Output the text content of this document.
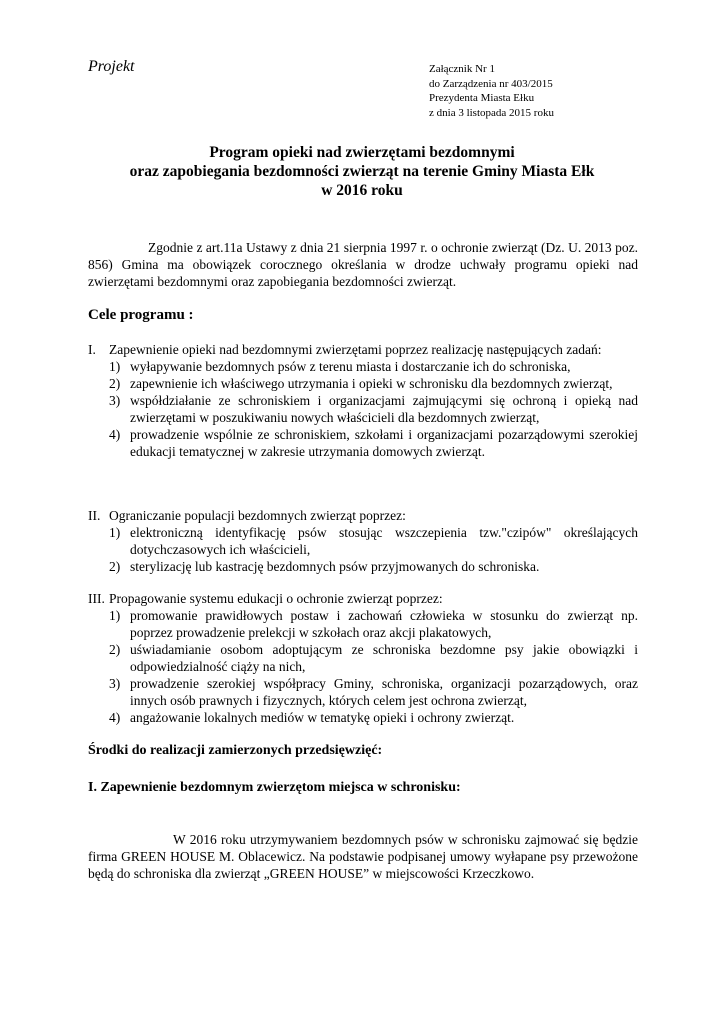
Projekt	Załącznik Nr 1
do Zarządzenia nr 403/2015
Prezydenta Miasta Ełku
z dnia 3 listopada 2015 roku
Program opieki nad zwierzętami bezdomnymi
oraz zapobiegania bezdomności zwierząt na terenie Gminy Miasta Ełk
w 2016 roku
Zgodnie z art.11a Ustawy z dnia 21 sierpnia 1997 r. o ochronie zwierząt (Dz. U. 2013 poz. 856) Gmina ma obowiązek corocznego określania w drodze uchwały programu opieki nad zwierzętami bezdomnymi oraz zapobiegania bezdomności zwierząt.
Cele programu :
I. Zapewnienie opieki nad bezdomnymi zwierzętami poprzez realizację następujących zadań:
1) wyłapywanie bezdomnych psów z terenu miasta i dostarczanie ich do schroniska,
2) zapewnienie ich właściwego utrzymania i opieki w schronisku dla bezdomnych zwierząt,
3) współdziałanie ze schroniskiem i organizacjami zajmującymi się ochroną i opieką nad zwierzętami w poszukiwaniu nowych właścicieli dla bezdomnych zwierząt,
4) prowadzenie wspólnie ze schroniskiem, szkołami i organizacjami pozarządowymi szerokiej edukacji tematycznej w zakresie utrzymania domowych zwierząt.
II. Ograniczanie populacji bezdomnych zwierząt poprzez:
1) elektroniczną identyfikację psów stosując wszczepienia tzw."czipów" określających dotychczasowych ich właścicieli,
2) sterylizację lub kastrację bezdomnych psów przyjmowanych do schroniska.
III. Propagowanie systemu edukacji o ochronie zwierząt poprzez:
1) promowanie prawidłowych postaw i zachowań człowieka w stosunku do zwierząt np. poprzez prowadzenie prelekcji w szkołach oraz akcji plakatowych,
2) uświadamianie osobom adoptującym ze schroniska bezdomne psy jakie obowiązki i odpowiedzialność ciąży na nich,
3) prowadzenie szerokiej współpracy Gminy, schroniska, organizacji pozarządowych, oraz innych osób prawnych i fizycznych, których celem jest ochrona zwierząt,
4) angażowanie lokalnych mediów w tematykę opieki i ochrony zwierząt.
Środki do realizacji zamierzonych przedsięwzięć:
I. Zapewnienie bezdomnym zwierzętom miejsca w schronisku:
W 2016 roku utrzymywaniem bezdomnych psów w schronisku zajmować się będzie firma GREEN HOUSE M. Oblacewicz. Na podstawie podpisanej umowy wyłapane psy przewożone będą do schroniska dla zwierząt „GREEN HOUSE” w miejscowości Krzeczkowo.
